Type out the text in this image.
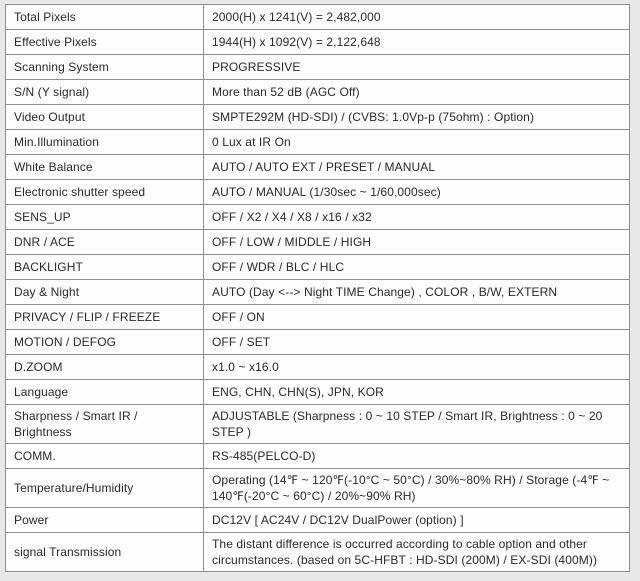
Total Pixels	2000(H) x 1241(V) = 2,482,000
Effective Pixels	1944(H) x 1092(V) = 2,122,648
Scanning System	PROGRESSIVE
S/N (Y signal)	More than 52 dB (AGC Off)
Video Output	SMPTE292M (HD-SDI) / (CVBS: 1.0Vp-p (75ohm) : Option)
Min.Illumination	0 Lux at IR On
White Balance	AUTO / AUTO EXT / PRESET / MANUAL
Electronic shutter speed	AUTO / MANUAL (1/30sec ~ 1/60,000sec)
SENS_UP	OFF / X2 / X4 / X8 / x16 / x32
DNR / ACE	OFF / LOW / MIDDLE / HIGH
BACKLIGHT	OFF / WDR / BLC / HLC
Day & Night	AUTO (Day <--> Night TIME Change) , COLOR , B/W, EXTERN
PRIVACY / FLIP / FREEZE	OFF / ON
MOTION / DEFOG	OFF / SET
D.ZOOM	x1.0 ~ x16.0
Language	ENG, CHN, CHN(S), JPN, KOR
Sharpness / Smart IR / Brightness	ADJUSTABLE (Sharpness : 0 ~ 10 STEP / Smart IR, Brightness : 0 ~ 20 STEP )
COMM.	RS-485(PELCO-D)
Temperature/Humidity	Operating (14℉ ~ 120℉(-10°C ~ 50°C) / 30%~80% RH) / Storage (-4℉ ~ 140℉(-20°C ~ 60°C) / 20%~90% RH)
Power	DC12V [ AC24V / DC12V DualPower (option) ]
signal Transmission	The distant difference is occurred according to cable option and other circumstances. (based on 5C-HFBT : HD-SDI (200M) / EX-SDI (400M))
